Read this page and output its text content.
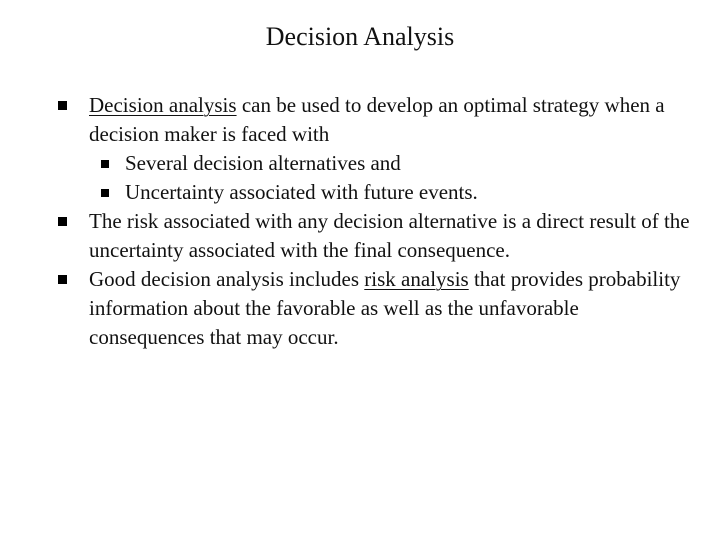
Decision Analysis
Decision analysis can be used to develop an optimal strategy when a decision maker is faced with
Several decision alternatives and
Uncertainty associated with future events.
The risk associated with any decision alternative is a direct result of the uncertainty associated with the final consequence.
Good decision analysis includes risk analysis that provides probability information about the favorable as well as the unfavorable consequences that may occur.
